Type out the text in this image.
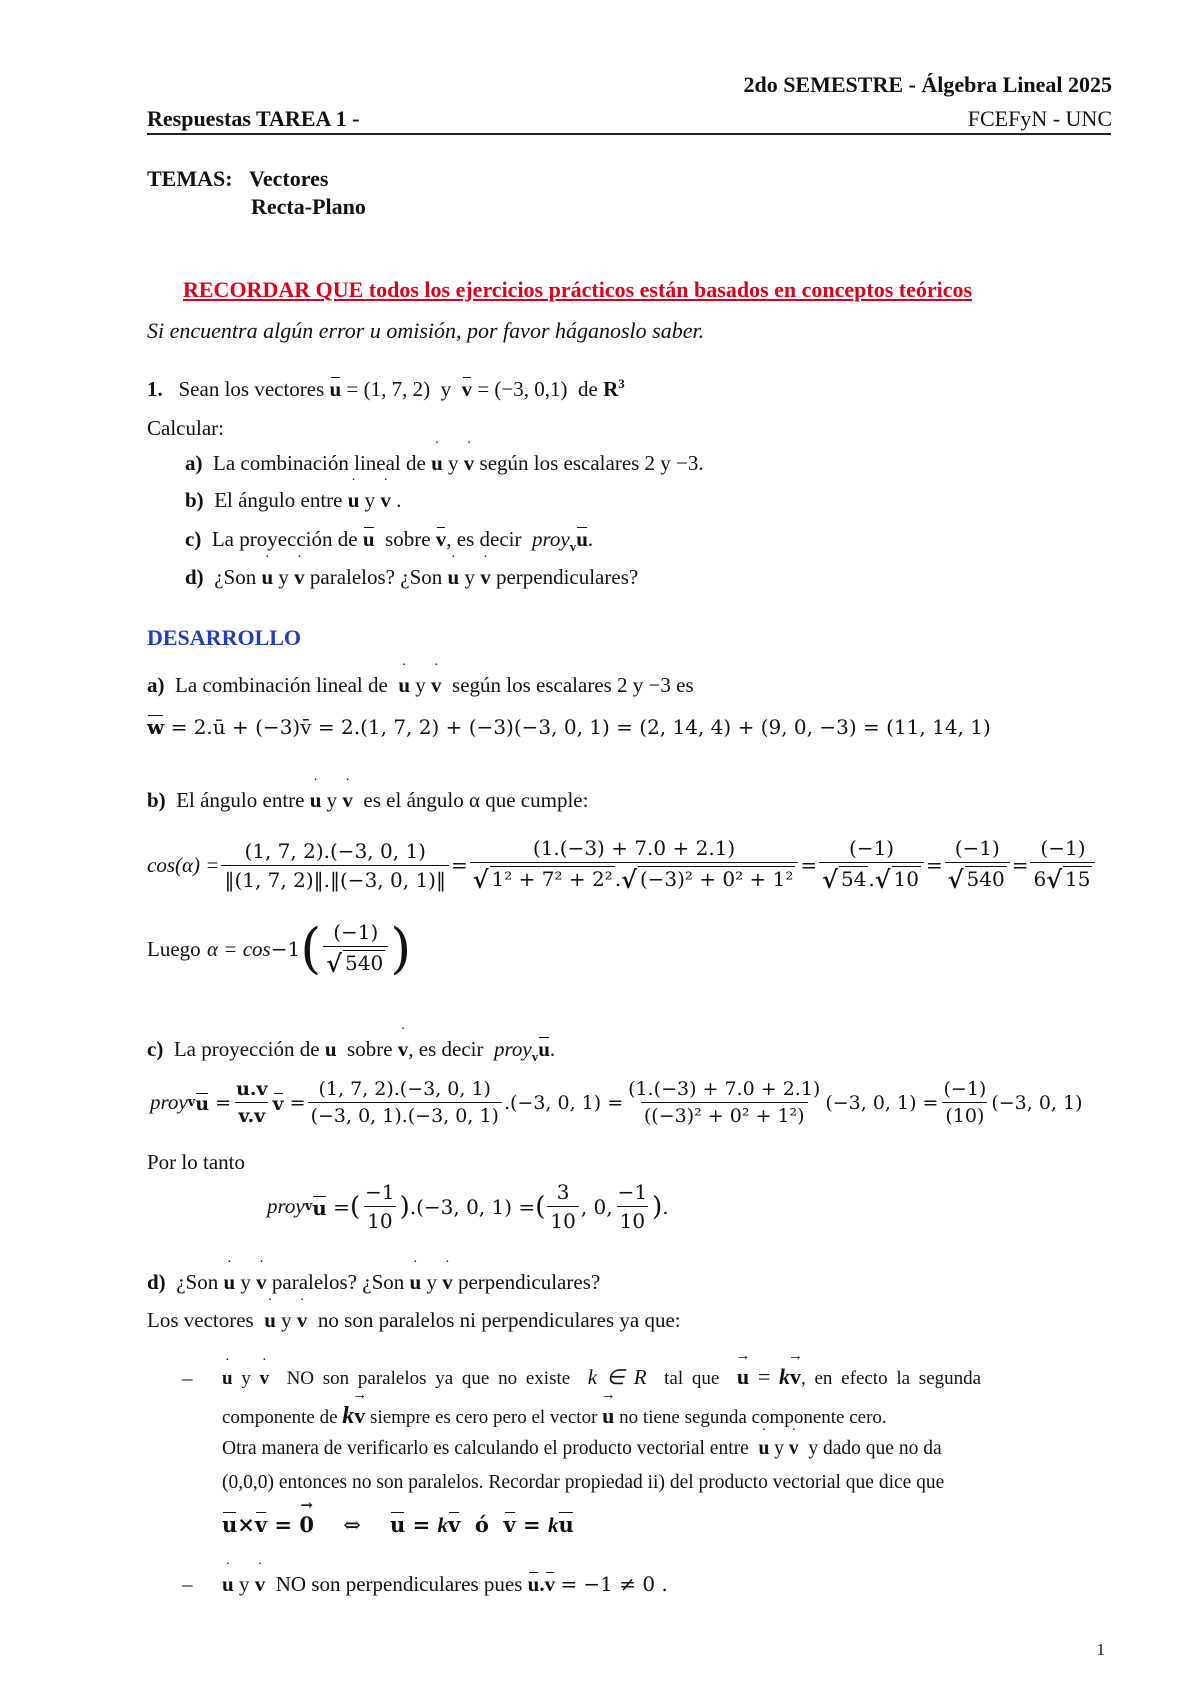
2do SEMESTRE - Álgebra Lineal 2025
Respuestas TAREA 1 -	FCEFyN - UNC
TEMAS: Vectores
Recta-Plano
RECORDAR QUE todos los ejercicios prácticos están basados en conceptos teóricos
Si encuentra algún error u omisión, por favor háganoslo saber.
1. Sean los vectores u = (1, 7, 2) y v = (−3, 0,1) de $R^3$
Calcular:
a) La combinación lineal de ˙ u y ˙ v según los escalares 2 y −3.
b) El ángulo entre ˙ u y ˙ v .
c) La proyección de u sobre v, es decir proy$_v$u.
d) ¿Son ˙ u y ˙ v paralelos? ¿Son ˙ u y ˙ v perpendiculares?
DESARROLLO
a) La combinación lineal de ˙ u y ˙ v según los escalares 2 y −3 es
w = 2.ū + (−3)v̄ = 2.(1, 7, 2) + (−3)(−3, 0, 1) = (2, 14, 4) + (9, 0, −3) = (11, 14, 1)
b) El ángulo entre ˙ u y ˙ v es el ángulo α que cumple:
$\cos(\alpha) = \frac{(1, 7, 2).(-3, 0, 1)}{‖(1, 7, 2)‖.‖(-3, 0, 1)‖} = \frac{(1.(-3) + 7.0 + 2.1)}{\text{√ 1² + 7² + 2² .√ (−3)² + 0² + 1²}} = \frac{(-1)}{√ 54 .√ 10} = \frac{(-1)}{√ 540} = \frac{(-1)}{6√ 15}$
Luego
α = cos −1 ( $\frac{(-1)}{√ 540}$ )
c) La proyección de u sobre ˙ v, es decir proy$_v$u.
proy v $u = \frac{u.v}{v.v}$ $v = \frac{(1, 7, 2).(-3, 0, 1)}{(-3, 0, 1).(-3, 0, 1)} .(-3$, 0, $1) = \frac{(1.(-3) + 7.0 + 2.1)}{\text{((−3)² + 0² + 1²)}} (-3$, 0, $1) = \frac{(-1)}{(10)} (-3$, 0, 1)
Por lo tanto
proy v u = ( $\frac{-1}{10}$ ) .(−3, 0, 1) = ( $\frac{3}{10}$ , 0, $\frac{-1}{10}$ ) .
d) ¿Son ˙ u y ˙ v paralelos? ¿Son ˙ u y ˙ v perpendiculares?
Los vectores ˙ u y ˙ v no son paralelos ni perpendiculares ya que:
– ˙ u y ˙ v NO son paralelos ya que no existe k ∈ R tal que → u = k→ v, en efecto la segunda
componente de k→ v siempre es cero pero el vector → u no tiene segunda componente cero.
Otra manera de verificarlo es calculando el producto vectorial entre ˙ u y ˙ v y dado que no da
(0,0,0) entonces no son paralelos. Recordar propiedad ii) del producto vectorial que dice que
u×v = → 0 ⇔ u = kv ó v = ku
– ˙ u y ˙ v NO son perpendiculares pues u.v = −1 ≠ 0 .
1
